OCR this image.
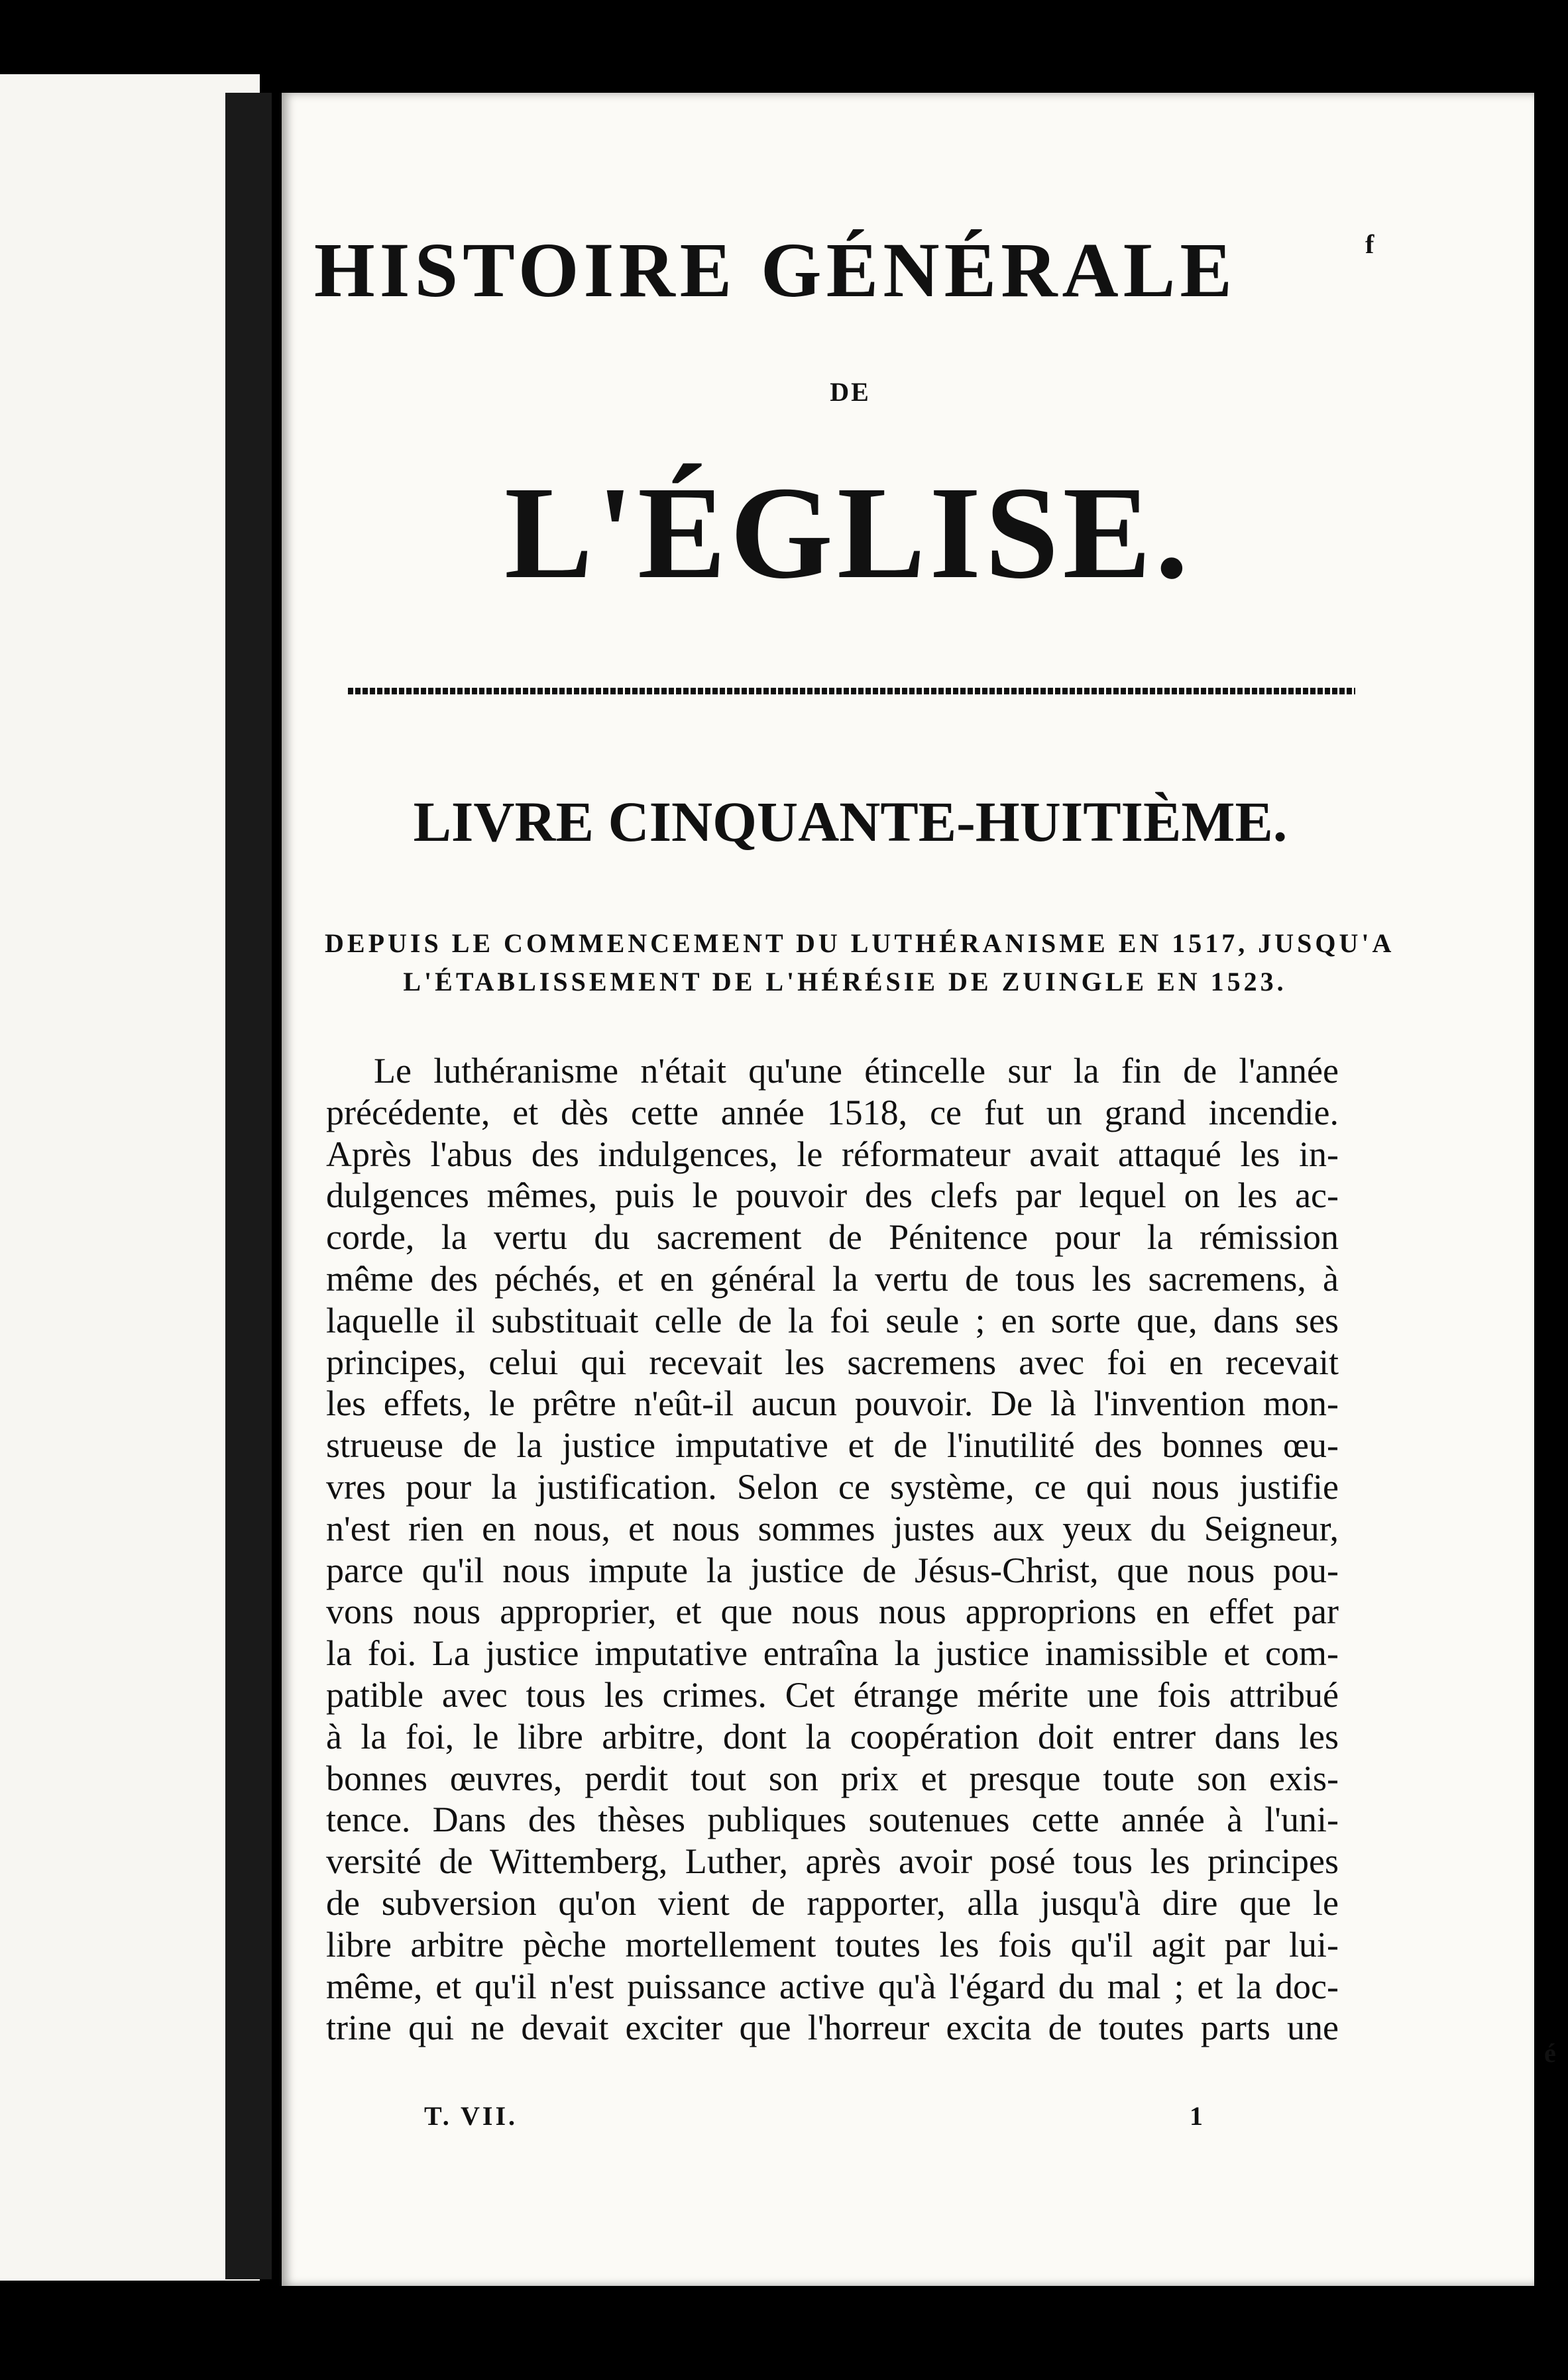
HISTOIRE GÉNÉRALE
DE
L'ÉGLISE.
LIVRE CINQUANTE-HUITIÈME.
DEPUIS LE COMMENCEMENT DU LUTHÉRANISME EN 1517, JUSQU'A
L'ÉTABLISSEMENT DE L'HÉRÉSIE DE ZUINGLE EN 1523.
Le luthéranisme n'était qu'une étincelle sur la fin de l'année
précédente, et dès cette année 1518, ce fut un grand incendie.
Après l'abus des indulgences, le réformateur avait attaqué les in-
dulgences mêmes, puis le pouvoir des clefs par lequel on les ac-
corde, la vertu du sacrement de Pénitence pour la rémission
même des péchés, et en général la vertu de tous les sacremens, à
laquelle il substituait celle de la foi seule ; en sorte que, dans ses
principes, celui qui recevait les sacremens avec foi en recevait
les effets, le prêtre n'eût-il aucun pouvoir. De là l'invention mon-
strueuse de la justice imputative et de l'inutilité des bonnes œu-
vres pour la justification. Selon ce système, ce qui nous justifie
n'est rien en nous, et nous sommes justes aux yeux du Seigneur,
parce qu'il nous impute la justice de Jésus-Christ, que nous pou-
vons nous approprier, et que nous nous approprions en effet par
la foi. La justice imputative entraîna la justice inamissible et com-
patible avec tous les crimes. Cet étrange mérite une fois attribué
à la foi, le libre arbitre, dont la coopération doit entrer dans les
bonnes œuvres, perdit tout son prix et presque toute son exis-
tence. Dans des thèses publiques soutenues cette année à l'uni-
versité de Wittemberg, Luther, après avoir posé tous les principes
de subversion qu'on vient de rapporter, alla jusqu'à dire que le
libre arbitre pèche mortellement toutes les fois qu'il agit par lui-
même, et qu'il n'est puissance active qu'à l'égard du mal ; et la doc-
trine qui ne devait exciter que l'horreur excita de toutes parts une
T. VII.	1
f
é
